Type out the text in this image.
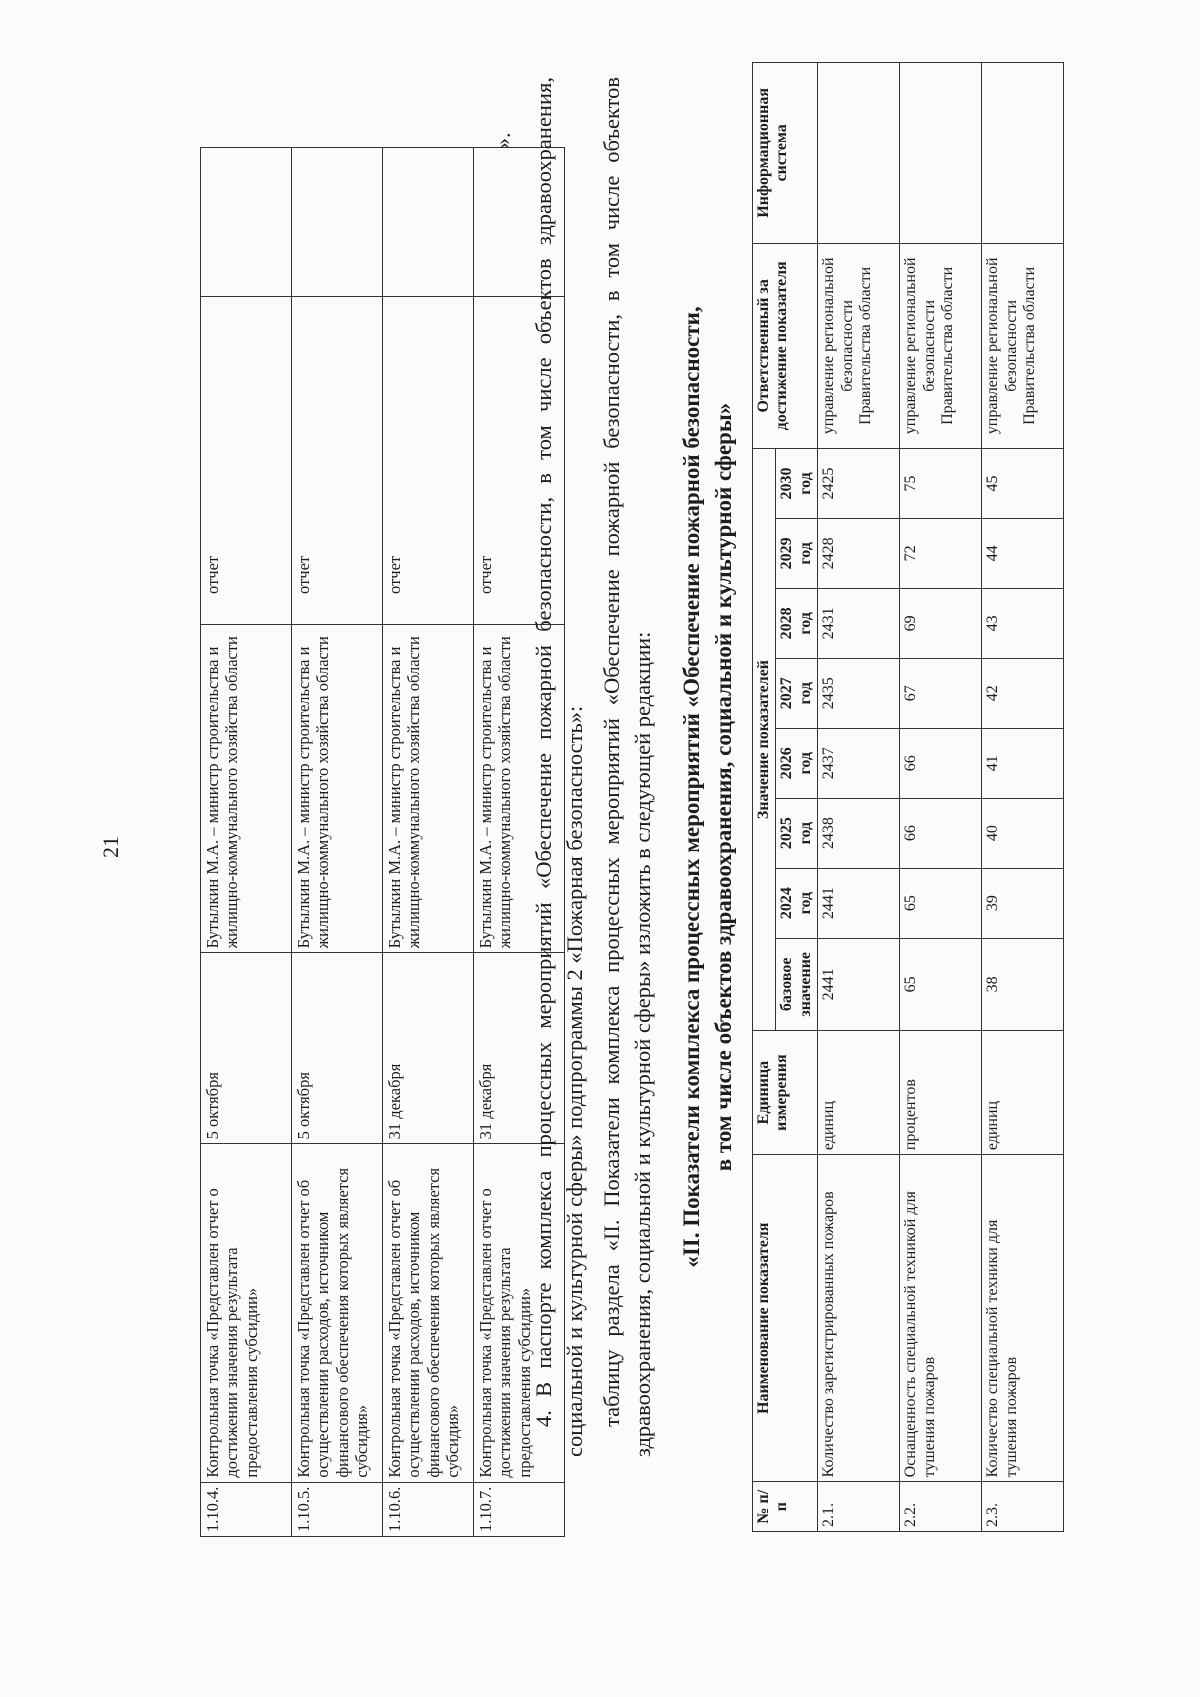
21
1.10.4.	Контрольная точка «Представлен отчет о достижении значения результата предоставления субсидии»	5 октября	Бутылкин М.А. – министр строительства и жилищно-коммунального хозяйства области	отчет	
1.10.5.	Контрольная точка «Представлен отчет об осуществлении расходов, источником финансового обеспечения которых является субсидия»	5 октября	Бутылкин М.А. – министр строительства и жилищно-коммунального хозяйства области	отчет	
1.10.6.	Контрольная точка «Представлен отчет об осуществлении расходов, источником финансового обеспечения которых является субсидия»	31 декабря	Бутылкин М.А. – министр строительства и жилищно-коммунального хозяйства области	отчет	
1.10.7.	Контрольная точка «Представлен отчет о достижении значения результата предоставления субсидии»	31 декабря	Бутылкин М.А. – министр строительства и жилищно-коммунального хозяйства области	отчет	
». 4. В паспорте комплекса процессных мероприятий «Обеспечение пожарной безопасности, в том числе объектов здравоохранения, социальной и культурной сферы» подпрограммы 2 «Пожарная безопасность»: таблицу раздела «II. Показатели комплекса процессных мероприятий «Обеспечение пожарной безопасности, в том числе объектов здравоохранения, социальной и культурной сферы» изложить в следующей редакции: «II. Показатели комплекса процессных мероприятий «Обеспечение пожарной безопасности, в том числе объектов здравоохранения, социальной и культурной сферы»
№ п/п	Наименование показателя	Единица измерения	Значение показателей								Ответственный за достижение показателя	Информационная система
			базовое значение	2024 год	2025 год	2026 год	2027 год	2028 год	2029 год	2030 год		

2.1.	Количество зарегистрированных пожаров	единиц	2441	2441	2438	2437	2435	2431	2428	2425	управление региональной безопасности Правительства области	
2.2.	Оснащенность специальной техникой для тушения пожаров	процентов	65	65	66	66	67	69	72	75	управление региональной безопасности Правительства области	
2.3.	Количество специальной техники для тушения пожаров	единиц	38	39	40	41	42	43	44	45	управление региональной безопасности Правительства области	
